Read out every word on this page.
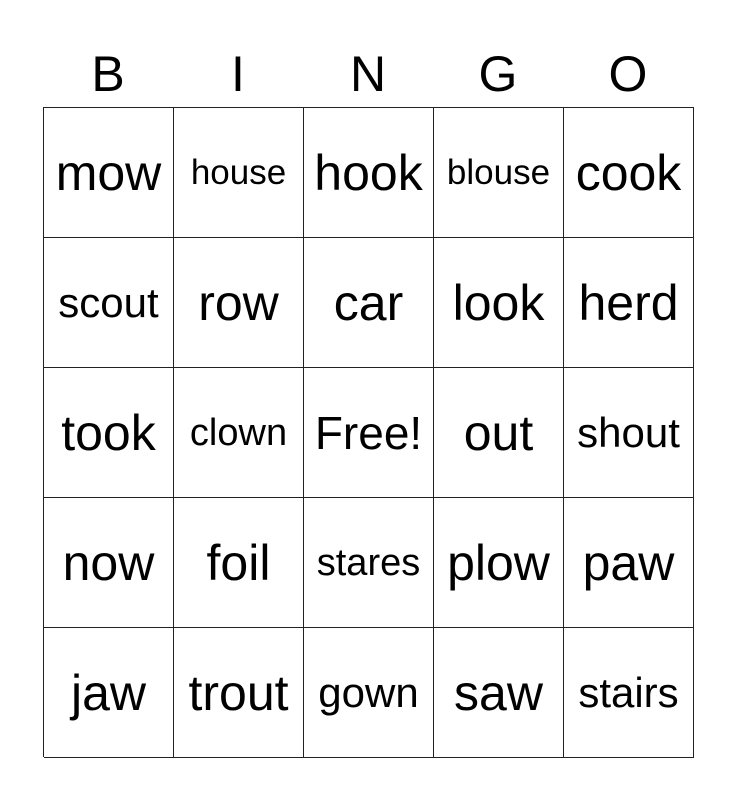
B	I	N	G	O
mow house hook blouse cook
scout row	car look herd
took clown Free! out	shout
now	foil	stares plow paw
jaw trout gown saw stairs
